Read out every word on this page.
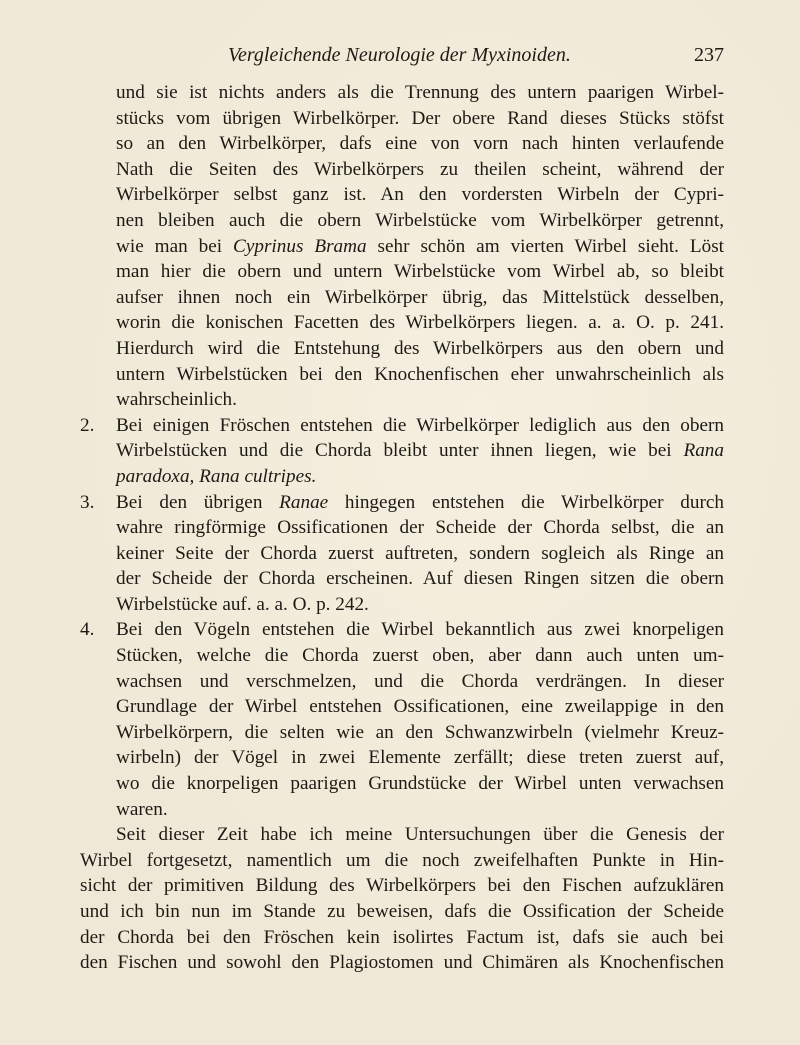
Vergleichende Neurologie der Myxinoiden.	237
und sie ist nichts anders als die Trennung des untern paarigen Wirbel-
stücks vom übrigen Wirbelkörper. Der obere Rand dieses Stücks stöfst
so an den Wirbelkörper, dafs eine von vorn nach hinten verlaufende
Nath die Seiten des Wirbelkörpers zu theilen scheint, während der
Wirbelkörper selbst ganz ist. An den vordersten Wirbeln der Cypri-
nen bleiben auch die obern Wirbelstücke vom Wirbelkörper getrennt,
wie man bei Cyprinus Brama sehr schön am vierten Wirbel sieht. Löst
man hier die obern und untern Wirbelstücke vom Wirbel ab, so bleibt
aufser ihnen noch ein Wirbelkörper übrig, das Mittelstück desselben,
worin die konischen Facetten des Wirbelkörpers liegen. a. a. O. p. 241.
Hierdurch wird die Entstehung des Wirbelkörpers aus den obern und
untern Wirbelstücken bei den Knochenfischen eher unwahrscheinlich als
wahrscheinlich.
2. Bei einigen Fröschen entstehen die Wirbelkörper lediglich aus den obern
Wirbelstücken und die Chorda bleibt unter ihnen liegen, wie bei Rana
paradoxa, Rana cultripes.
3. Bei den übrigen Ranae hingegen entstehen die Wirbelkörper durch
wahre ringförmige Ossificationen der Scheide der Chorda selbst, die an
keiner Seite der Chorda zuerst auftreten, sondern sogleich als Ringe an
der Scheide der Chorda erscheinen. Auf diesen Ringen sitzen die obern
Wirbelstücke auf. a. a. O. p. 242.
4. Bei den Vögeln entstehen die Wirbel bekanntlich aus zwei knorpeligen
Stücken, welche die Chorda zuerst oben, aber dann auch unten um-
wachsen und verschmelzen, und die Chorda verdrängen. In dieser
Grundlage der Wirbel entstehen Ossificationen, eine zweilappige in den
Wirbelkörpern, die selten wie an den Schwanzwirbeln (vielmehr Kreuz-
wirbeln) der Vögel in zwei Elemente zerfällt; diese treten zuerst auf,
wo die knorpeligen paarigen Grundstücke der Wirbel unten verwachsen
waren.
Seit dieser Zeit habe ich meine Untersuchungen über die Genesis der
Wirbel fortgesetzt, namentlich um die noch zweifelhaften Punkte in Hin-
sicht der primitiven Bildung des Wirbelkörpers bei den Fischen aufzuklären
und ich bin nun im Stande zu beweisen, dafs die Ossification der Scheide
der Chorda bei den Fröschen kein isolirtes Factum ist, dafs sie auch bei
den Fischen und sowohl den Plagiostomen und Chimären als Knochenfischen
